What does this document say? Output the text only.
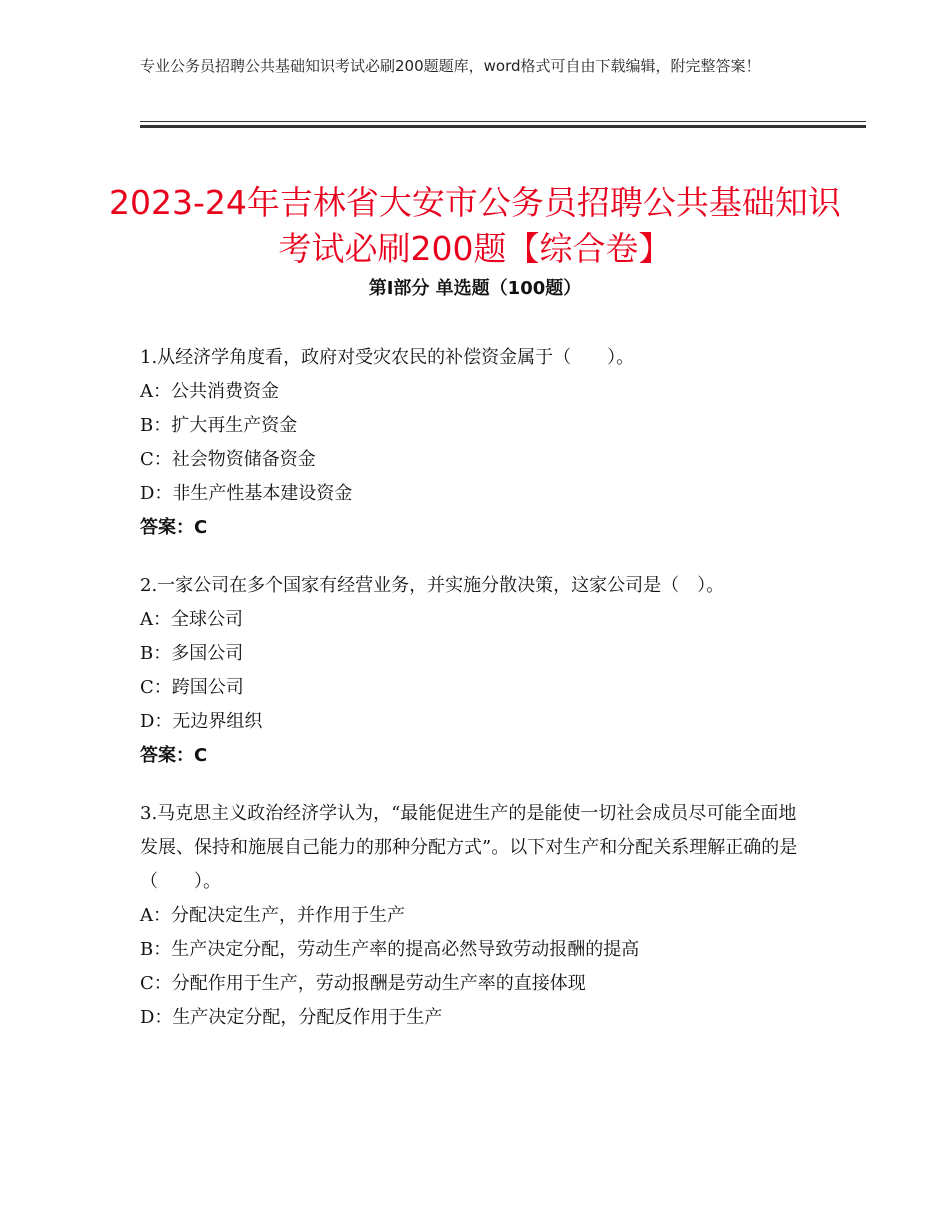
专业公务员招聘公共基础知识考试必刷200题题库，word格式可自由下载编辑，附完整答案！
2023-24年吉林省大安市公务员招聘公共基础知识考试必刷200题【综合卷】
第Ⅰ部分 单选题（100题）
1.从经济学角度看，政府对受灾农民的补偿资金属于（　　）。
A：公共消费资金
B：扩大再生产资金
C：社会物资储备资金
D：非生产性基本建设资金
答案：C
2.一家公司在多个国家有经营业务，并实施分散决策，这家公司是（　）。
A：全球公司
B：多国公司
C：跨国公司
D：无边界组织
答案：C
3.马克思主义政治经济学认为，“最能促进生产的是能使一切社会成员尽可能全面地发展、保持和施展自己能力的那种分配方式”。以下对生产和分配关系理解正确的是（　　）。
A：分配决定生产，并作用于生产
B：生产决定分配，劳动生产率的提高必然导致劳动报酬的提高
C：分配作用于生产，劳动报酬是劳动生产率的直接体现
D：生产决定分配，分配反作用于生产
